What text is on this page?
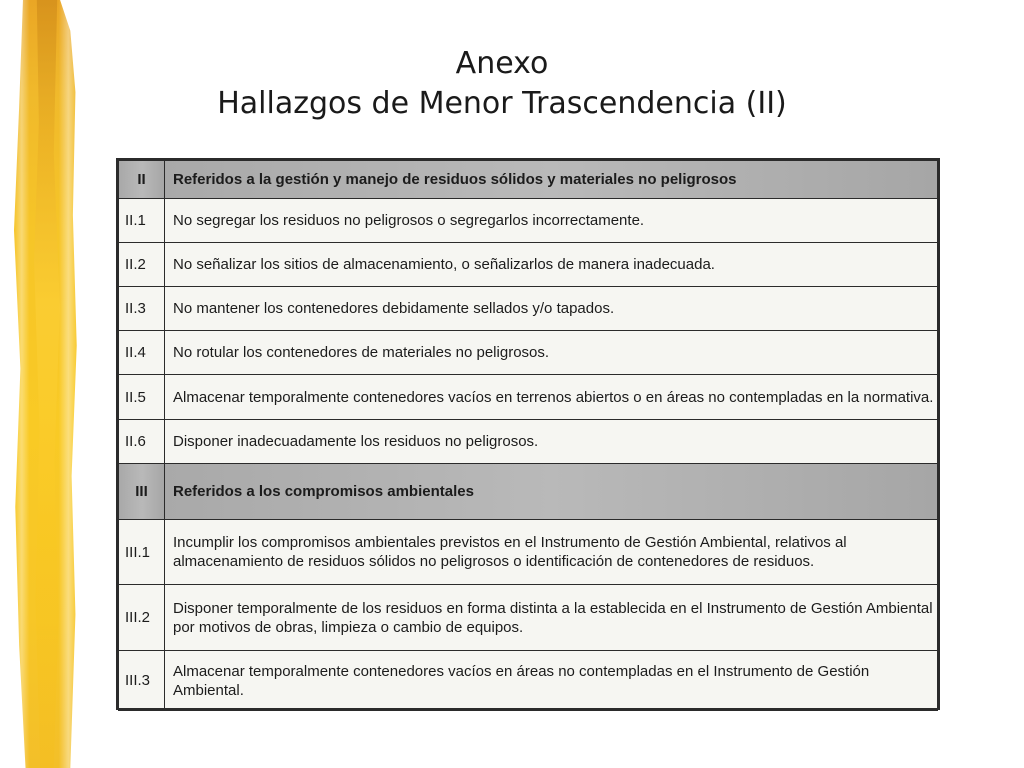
Anexo
Hallazgos de Menor Trascendencia (II)
II	Referidos a la gestión y manejo de residuos sólidos y materiales no peligrosos
II.1	No segregar los residuos no peligrosos o segregarlos incorrectamente.
II.2	No señalizar los sitios de almacenamiento, o señalizarlos de manera inadecuada.
II.3	No mantener los contenedores debidamente sellados y/o tapados.
II.4	No rotular los contenedores de materiales no peligrosos.
II.5	Almacenar temporalmente contenedores vacíos en terrenos abiertos o en áreas no contempladas en la normativa.
II.6	Disponer inadecuadamente los residuos no peligrosos.
III	Referidos a los compromisos ambientales
III.1	Incumplir los compromisos ambientales previstos en el Instrumento de Gestión Ambiental, relativos al almacenamiento de residuos sólidos no peligrosos o identificación de contenedores de residuos.
III.2	Disponer temporalmente de los residuos en forma distinta a la establecida en el Instrumento de Gestión Ambiental por motivos de obras, limpieza o cambio de equipos.
III.3	Almacenar temporalmente contenedores vacíos en áreas no contempladas en el Instrumento de Gestión Ambiental.
